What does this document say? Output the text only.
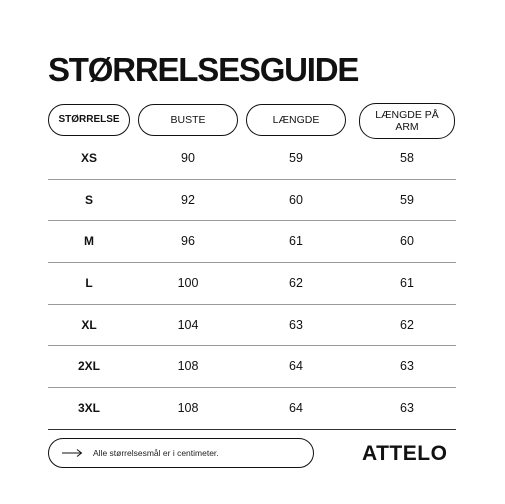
STØRRELSESGUIDE
STØRRELSE	BUSTE	LÆNGDE	LÆNGDE PÅ
ARM
XS	90	59	58
S	92	60	59
M	96	61	60
L	100	62	61
XL	104	63	62
2XL	108	64	63
3XL	108	64	63
Alle størrelsesmål er i centimeter.	ATTELO
